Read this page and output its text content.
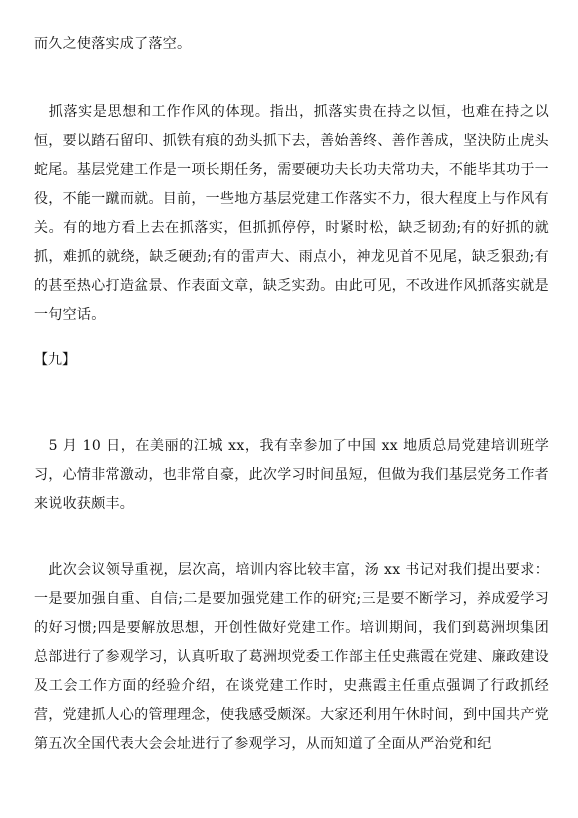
而久之使落实成了落空。

　抓落实是思想和工作作风的体现。指出，抓落实贵在持之以恒，也难在持之以恒，要以踏石留印、抓铁有痕的劲头抓下去，善始善终、善作善成，坚決防止虎头蛇尾。基层党建工作是一项长期任务，需要硬功夫长功夫常功夫，不能毕其功于一役，不能一蹴而就。目前，一些地方基层党建工作落实不力，很大程度上与作风有关。有的地方看上去在抓落实，但抓抓停停，时紧时松，缺乏韧劲;有的好抓的就抓，难抓的就绕，缺乏硬劲;有的雷声大、雨点小，神龙见首不见尾，缺乏狠劲;有的甚至热心打造盆景、作表面文章，缺乏实劲。由此可见，不改进作风抓落实就是一句空话。

【九】

　5 月 10 日，在美丽的江城 xx，我有幸参加了中国 xx 地质总局党建培训班学习，心情非常激动，也非常自豪，此次学习时间虽短，但做为我们基层党务工作者来说收获颇丰。

　此次会议领导重视，层次高，培训内容比较丰富，汤 xx 书记对我们提出要求：一是要加强自重、自信;二是要加强党建工作的研究;三是要不断学习，养成爱学习的好习惯;四是要解放思想，开创性做好党建工作。培训期间，我们到葛洲坝集团总部进行了参观学习，认真听取了葛洲坝党委工作部主任史燕霞在党建、廉政建设及工会工作方面的经验介绍，在谈党建工作时，史燕霞主任重点强调了行政抓经营，党建抓人心的管理理念，使我感受颇深。大家还利用午休时间，到中国共产党第五次全国代表大会会址进行了参观学习，从而知道了全面从严治党和纪
